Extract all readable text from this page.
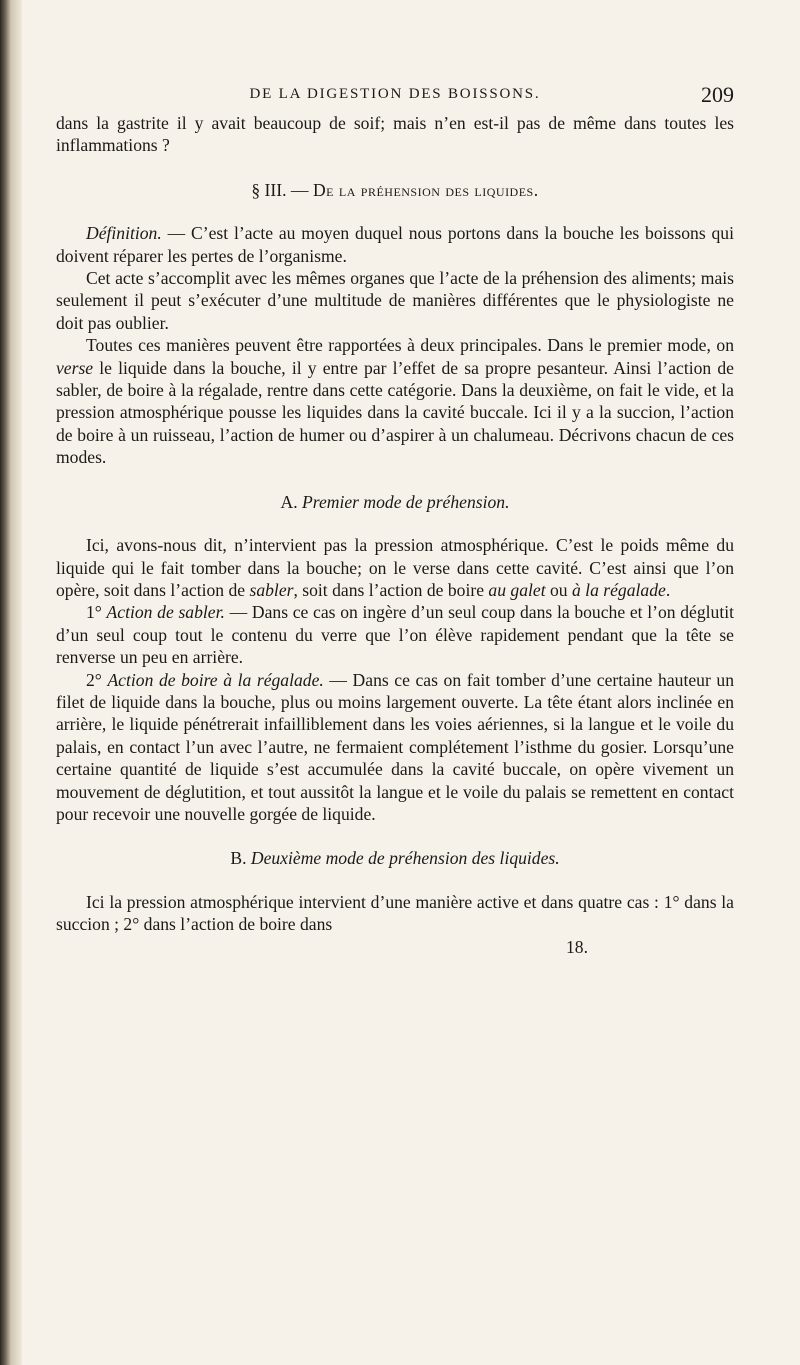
DE LA DIGESTION DES BOISSONS.	209

dans la gastrite il y avait beaucoup de soif; mais n’en est-il pas de même dans toutes les inflammations ?

§ III. — De la préhension des liquides.

Définition. — C’est l’acte au moyen duquel nous portons dans la bouche les boissons qui doivent réparer les pertes de l’organisme.

Cet acte s’accomplit avec les mêmes organes que l’acte de la préhension des aliments; mais seulement il peut s’exécuter d’une multitude de manières différentes que le physiologiste ne doit pas oublier.

Toutes ces manières peuvent être rapportées à deux principales. Dans le premier mode, on verse le liquide dans la bouche, il y entre par l’effet de sa propre pesanteur. Ainsi l’action de sabler, de boire à la régalade, rentre dans cette catégorie. Dans la deuxième, on fait le vide, et la pression atmosphérique pousse les liquides dans la cavité buccale. Ici il y a la succion, l’action de boire à un ruisseau, l’action de humer ou d’aspirer à un chalumeau. Décrivons chacun de ces modes.

A. Premier mode de préhension.

Ici, avons-nous dit, n’intervient pas la pression atmosphérique. C’est le poids même du liquide qui le fait tomber dans la bouche; on le verse dans cette cavité. C’est ainsi que l’on opère, soit dans l’action de sabler, soit dans l’action de boire au galet ou à la régalade.

1° Action de sabler. — Dans ce cas on ingère d’un seul coup dans la bouche et l’on déglutit d’un seul coup tout le contenu du verre que l’on élève rapidement pendant que la tête se renverse un peu en arrière.

2° Action de boire à la régalade. — Dans ce cas on fait tomber d’une certaine hauteur un filet de liquide dans la bouche, plus ou moins largement ouverte. La tête étant alors inclinée en arrière, le liquide pénétrerait infailliblement dans les voies aériennes, si la langue et le voile du palais, en contact l’un avec l’autre, ne fermaient complétement l’isthme du gosier. Lorsqu’une certaine quantité de liquide s’est accumulée dans la cavité buccale, on opère vivement un mouvement de déglutition, et tout aussitôt la langue et le voile du palais se remettent en contact pour recevoir une nouvelle gorgée de liquide.

B. Deuxième mode de préhension des liquides.

Ici la pression atmosphérique intervient d’une manière active et dans quatre cas : 1° dans la succion ; 2° dans l’action de boire dans

18.
